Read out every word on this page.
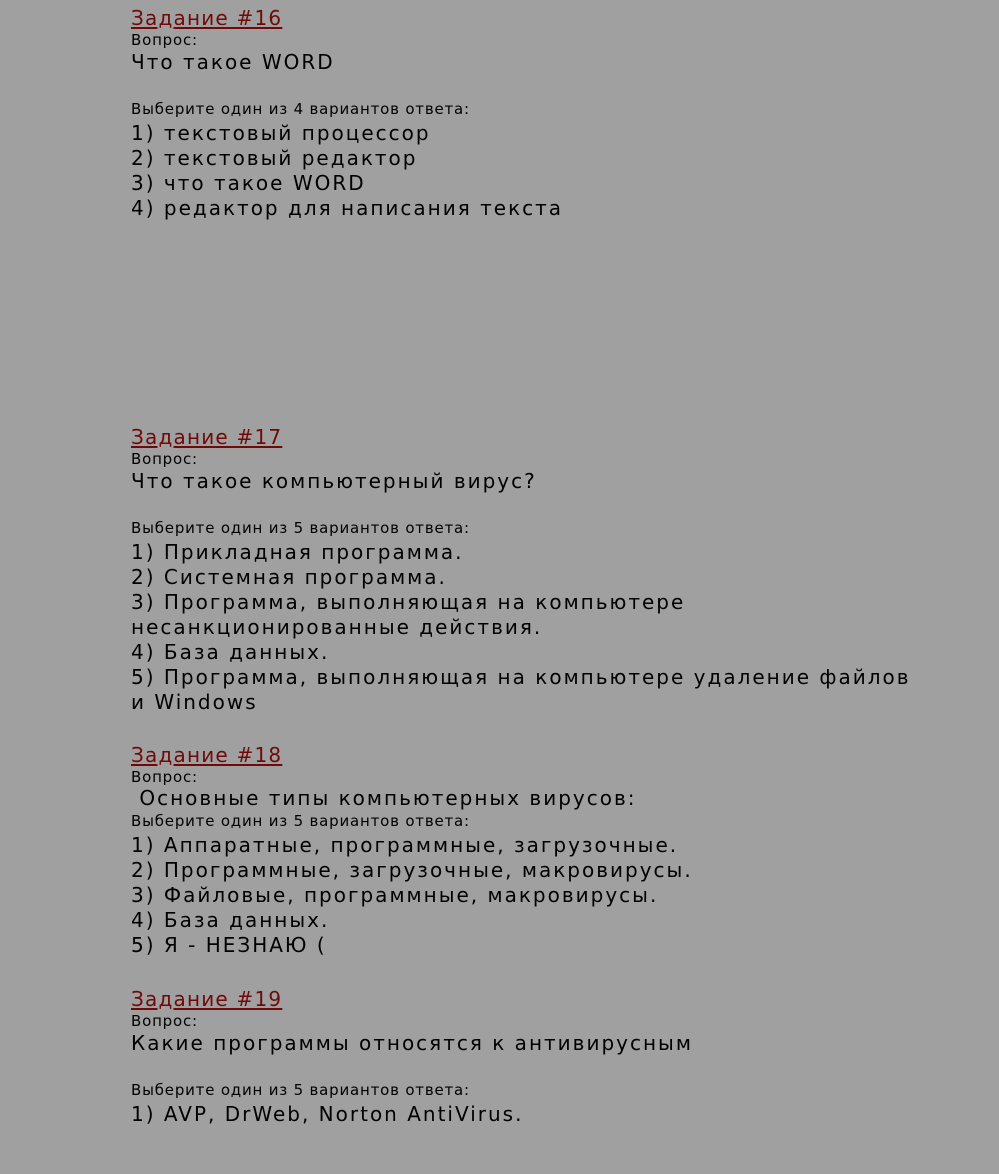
Задание #16
Вопрос:
Что такое WORD
Выберите один из 4 вариантов ответа:
1) текстовый процессор
2) текстовый редактор
3) что такое WORD
4) редактор для написания текста
Задание #17
Вопрос:
Что такое компьютерный вирус?
Выберите один из 5 вариантов ответа:
1) Прикладная программа.
2) Системная программа.
3) Программа, выполняющая на компьютере несанкционированные действия.
4) База данных.
5) Программа, выполняющая на компьютере удаление файлов и Windows
Задание #18
Вопрос:
Основные типы компьютерных вирусов:
Выберите один из 5 вариантов ответа:
1) Аппаратные, программные, загрузочные.
2) Программные, загрузочные, макровирусы.
3) Файловые, программные, макровирусы.
4) База данных.
5) Я - НЕЗНАЮ (
Задание #19
Вопрос:
Какие программы относятся к антивирусным
Выберите один из 5 вариантов ответа:
1) AVP, DrWeb, Norton AntiVirus.
